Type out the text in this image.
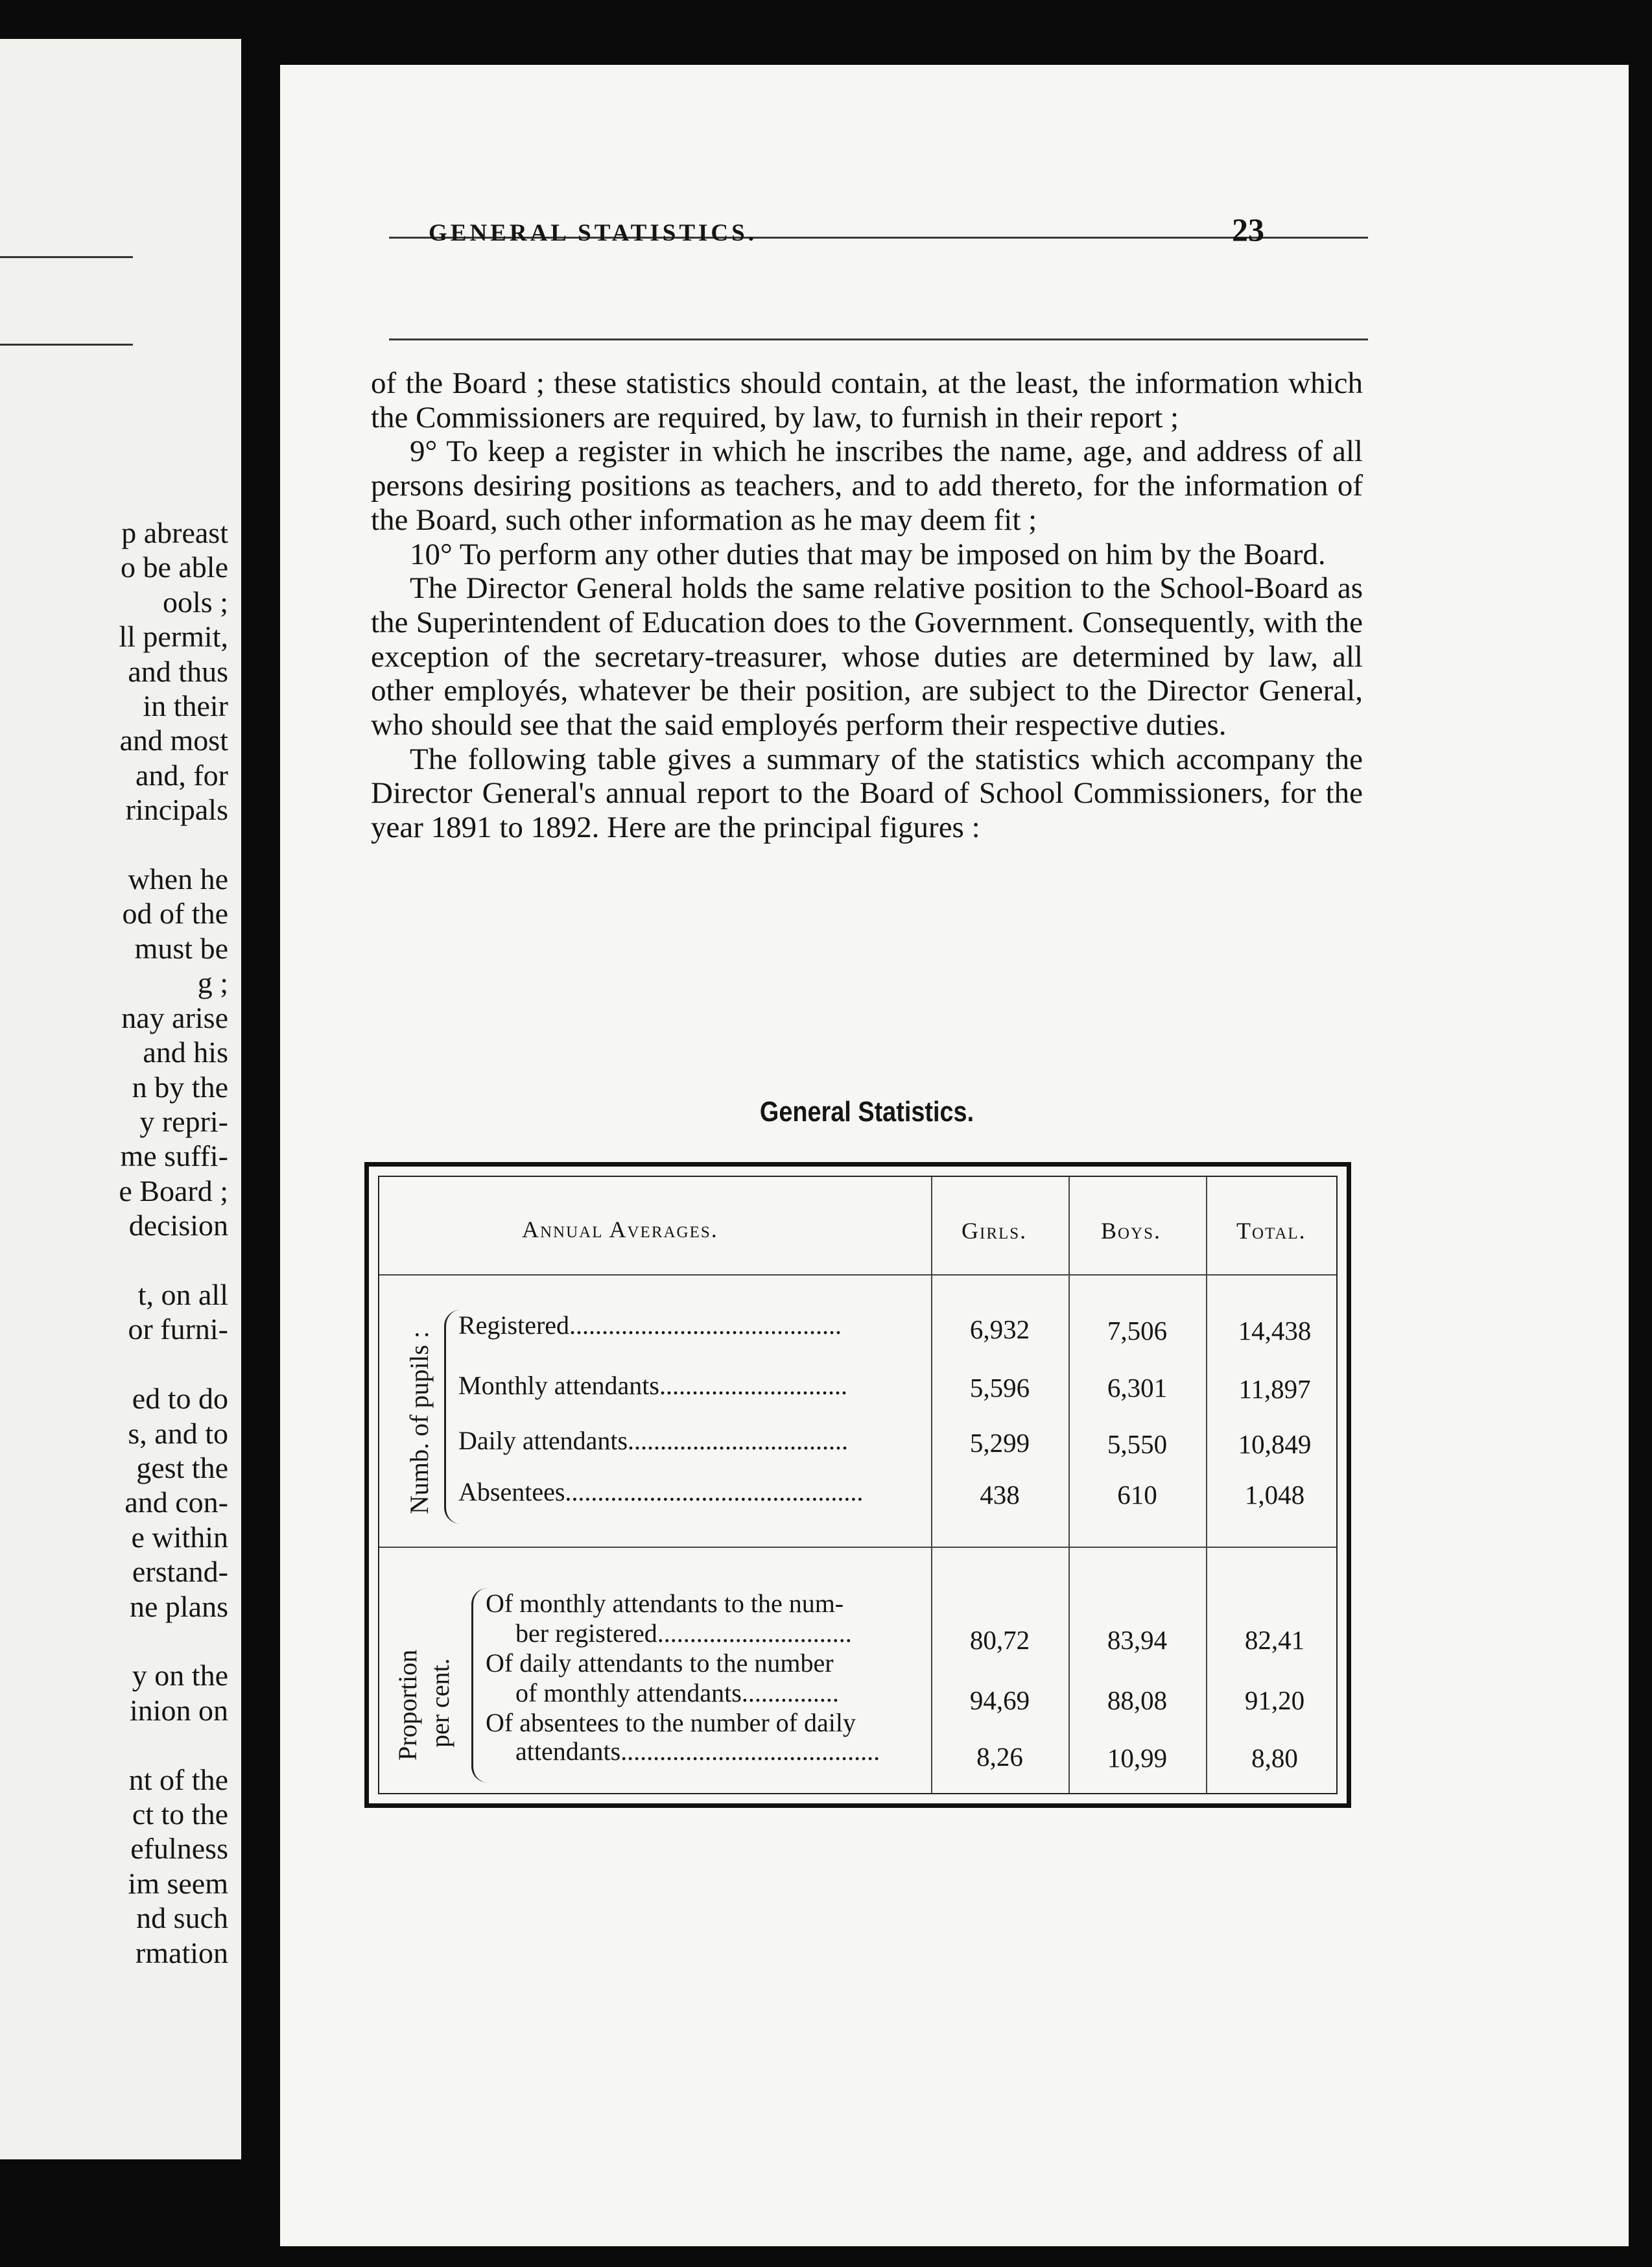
p abreast
o be able
ools ;
ll permit,
and thus
in their
and most
and, for
rincipals

when he
od of the
must be
g ;
nay arise
and his
n by the
y repri-
me suffi-
e Board ;
decision

t, on all
or furni-

ed to do
s, and to
gest the
and con-
e within
erstand-
ne plans

y on the
inion on

nt of the
ct to the
efulness
im seem
nd such
rmation
GENERAL STATISTICS.	23
of the Board ; these statistics should contain, at the least, the information which the Commissioners are required, by law, to furnish in their report ;
9° To keep a register in which he inscribes the name, age, and address of all persons desiring positions as teachers, and to add thereto, for the information of the Board, such other information as he may deem fit ;
10° To perform any other duties that may be imposed on him by the Board.
The Director General holds the same relative position to the School-Board as the Superintendent of Education does to the Government. Consequently, with the exception of the secretary-treasurer, whose duties are determined by law, all other employés, whatever be their position, are subject to the Director General, who should see that the said employés perform their respective duties.
The following table gives a summary of the statistics which accompany the Director General's annual report to the Board of School Commissioners, for the year 1891 to 1892. Here are the principal figures :
General Statistics.
Annual Averages.	Girls.	Boys.	Total.
Numb. of pupils :
Registered..........................................	6,932	7,506	14,438
Monthly attendants.............................	5,596	6,301	11,897
Daily attendants..................................	5,299	5,550	10,849
Absentees..............................................	438	610	1,048
Proportion per cent.
Of monthly attendants to the num-
ber registered..............................	80,72	83,94	82,41
Of daily attendants to the number
of monthly attendants...............	94,69	88,08	91,20
Of absentees to the number of daily
attendants........................................	8,26	10,99	8,80
